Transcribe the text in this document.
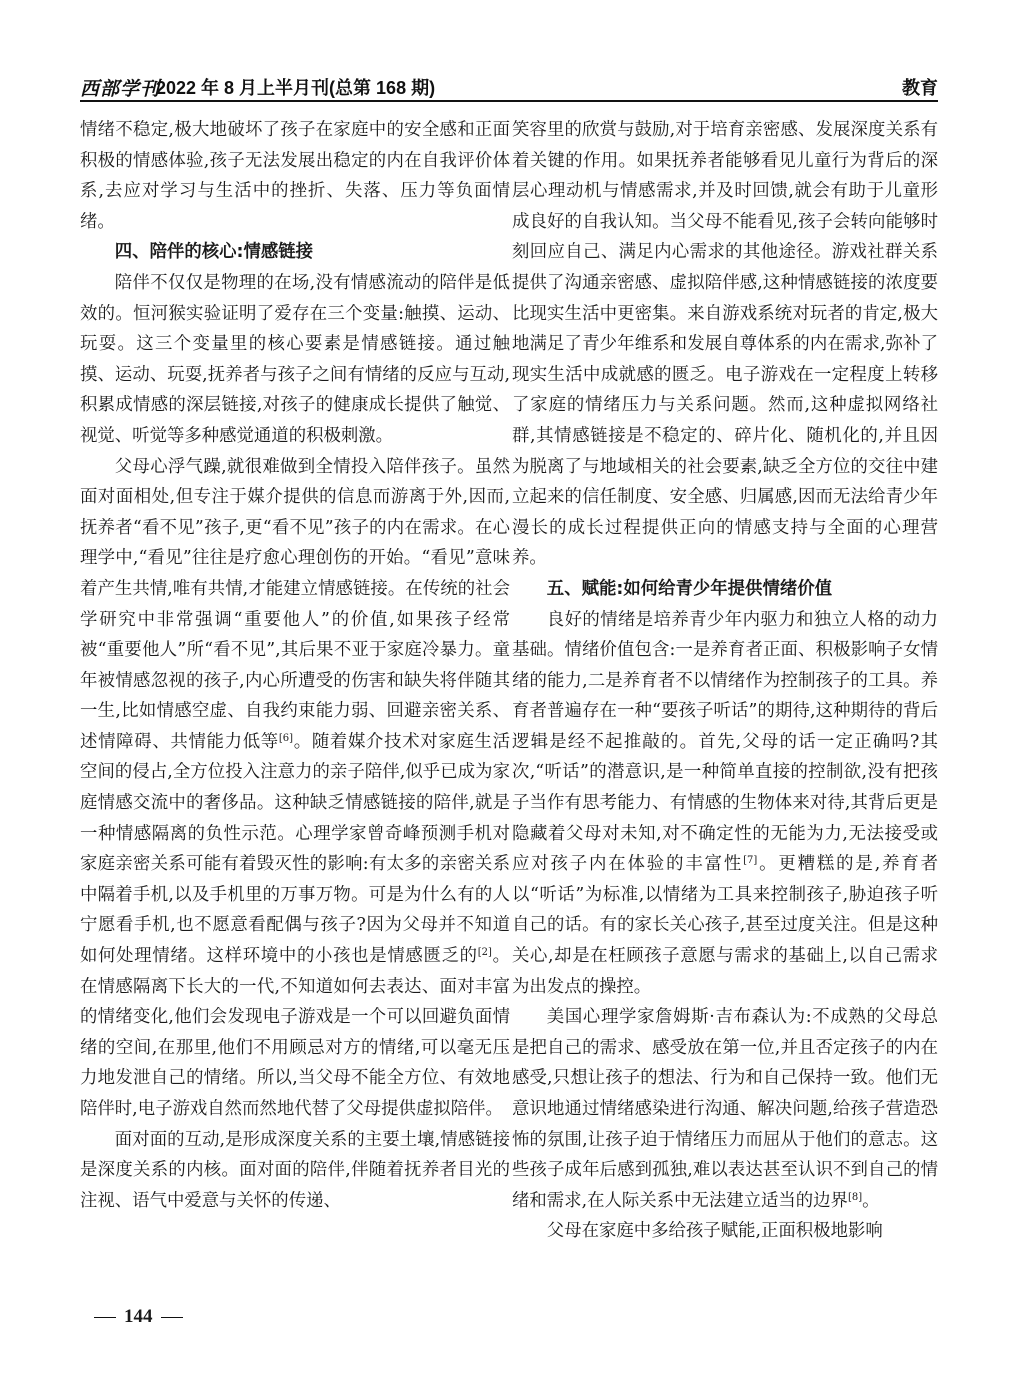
西部学刊
2022 年 8 月上半月刊(总第 168 期)	教育

情绪不稳定,极大地破坏了孩子在家庭中的安全感和正面积极的情感体验,孩子无法发展出稳定的内在自我评价体系,去应对学习与生活中的挫折、失落、压力等负面情绪。

四、陪伴的核心:情感链接

陪伴不仅仅是物理的在场,没有情感流动的陪伴是低效的。恒河猴实验证明了爱存在三个变量:触摸、运动、玩耍。这三个变量里的核心要素是情感链接。通过触摸、运动、玩耍,抚养者与孩子之间有情绪的反应与互动,积累成情感的深层链接,对孩子的健康成长提供了触觉、视觉、听觉等多种感觉通道的积极刺激。

父母心浮气躁,就很难做到全情投入陪伴孩子。虽然面对面相处,但专注于媒介提供的信息而游离于外,因而,抚养者“看不见”孩子,更“看不见”孩子的内在需求。在心理学中,“看见”往往是疗愈心理创伤的开始。“看见”意味着产生共情,唯有共情,才能建立情感链接。在传统的社会学研究中非常强调“重要他人”的价值,如果孩子经常被“重要他人”所“看不见”,其后果不亚于家庭冷暴力。童年被情感忽视的孩子,内心所遭受的伤害和缺失将伴随其一生,比如情感空虚、自我约束能力弱、回避亲密关系、述情障碍、共情能力低等[6]。随着媒介技术对家庭生活空间的侵占,全方位投入注意力的亲子陪伴,似乎已成为家庭情感交流中的奢侈品。这种缺乏情感链接的陪伴,就是一种情感隔离的负性示范。心理学家曾奇峰预测手机对家庭亲密关系可能有着毁灭性的影响:有太多的亲密关系中隔着手机,以及手机里的万事万物。可是为什么有的人宁愿看手机,也不愿意看配偶与孩子?因为父母并不知道如何处理情绪。这样环境中的小孩也是情感匮乏的[2]。在情感隔离下长大的一代,不知道如何去表达、面对丰富的情绪变化,他们会发现电子游戏是一个可以回避负面情绪的空间,在那里,他们不用顾忌对方的情绪,可以毫无压力地发泄自己的情绪。所以,当父母不能全方位、有效地陪伴时,电子游戏自然而然地代替了父母提供虚拟陪伴。

面对面的互动,是形成深度关系的主要土壤,情感链接是深度关系的内核。面对面的陪伴,伴随着抚养者目光的注视、语气中爱意与关怀的传递、

笑容里的欣赏与鼓励,对于培育亲密感、发展深度关系有着关键的作用。如果抚养者能够看见儿童行为背后的深层心理动机与情感需求,并及时回馈,就会有助于儿童形成良好的自我认知。当父母不能看见,孩子会转向能够时刻回应自己、满足内心需求的其他途径。游戏社群关系提供了沟通亲密感、虚拟陪伴感,这种情感链接的浓度要比现实生活中更密集。来自游戏系统对玩者的肯定,极大地满足了青少年维系和发展自尊体系的内在需求,弥补了现实生活中成就感的匮乏。电子游戏在一定程度上转移了家庭的情绪压力与关系问题。然而,这种虚拟网络社群,其情感链接是不稳定的、碎片化、随机化的,并且因为脱离了与地域相关的社会要素,缺乏全方位的交往中建立起来的信任制度、安全感、归属感,因而无法给青少年漫长的成长过程提供正向的情感支持与全面的心理营养。

五、赋能:如何给青少年提供情绪价值

良好的情绪是培养青少年内驱力和独立人格的动力基础。情绪价值包含:一是养育者正面、积极影响子女情绪的能力,二是养育者不以情绪作为控制孩子的工具。养育者普遍存在一种“要孩子听话”的期待,这种期待的背后逻辑是经不起推敲的。首先,父母的话一定正确吗?其次,“听话”的潜意识,是一种简单直接的控制欲,没有把孩子当作有思考能力、有情感的生物体来对待,其背后更是隐藏着父母对未知,对不确定性的无能为力,无法接受或应对孩子内在体验的丰富性[7]。更糟糕的是,养育者以“听话”为标准,以情绪为工具来控制孩子,胁迫孩子听自己的话。有的家长关心孩子,甚至过度关注。但是这种关心,却是在枉顾孩子意愿与需求的基础上,以自己需求为出发点的操控。

美国心理学家詹姆斯·吉布森认为:不成熟的父母总是把自己的需求、感受放在第一位,并且否定孩子的内在感受,只想让孩子的想法、行为和自己保持一致。他们无意识地通过情绪感染进行沟通、解决问题,给孩子营造恐怖的氛围,让孩子迫于情绪压力而屈从于他们的意志。这些孩子成年后感到孤独,难以表达甚至认识不到自己的情绪和需求,在人际关系中无法建立适当的边界[8]。

父母在家庭中多给孩子赋能,正面积极地影响

144
